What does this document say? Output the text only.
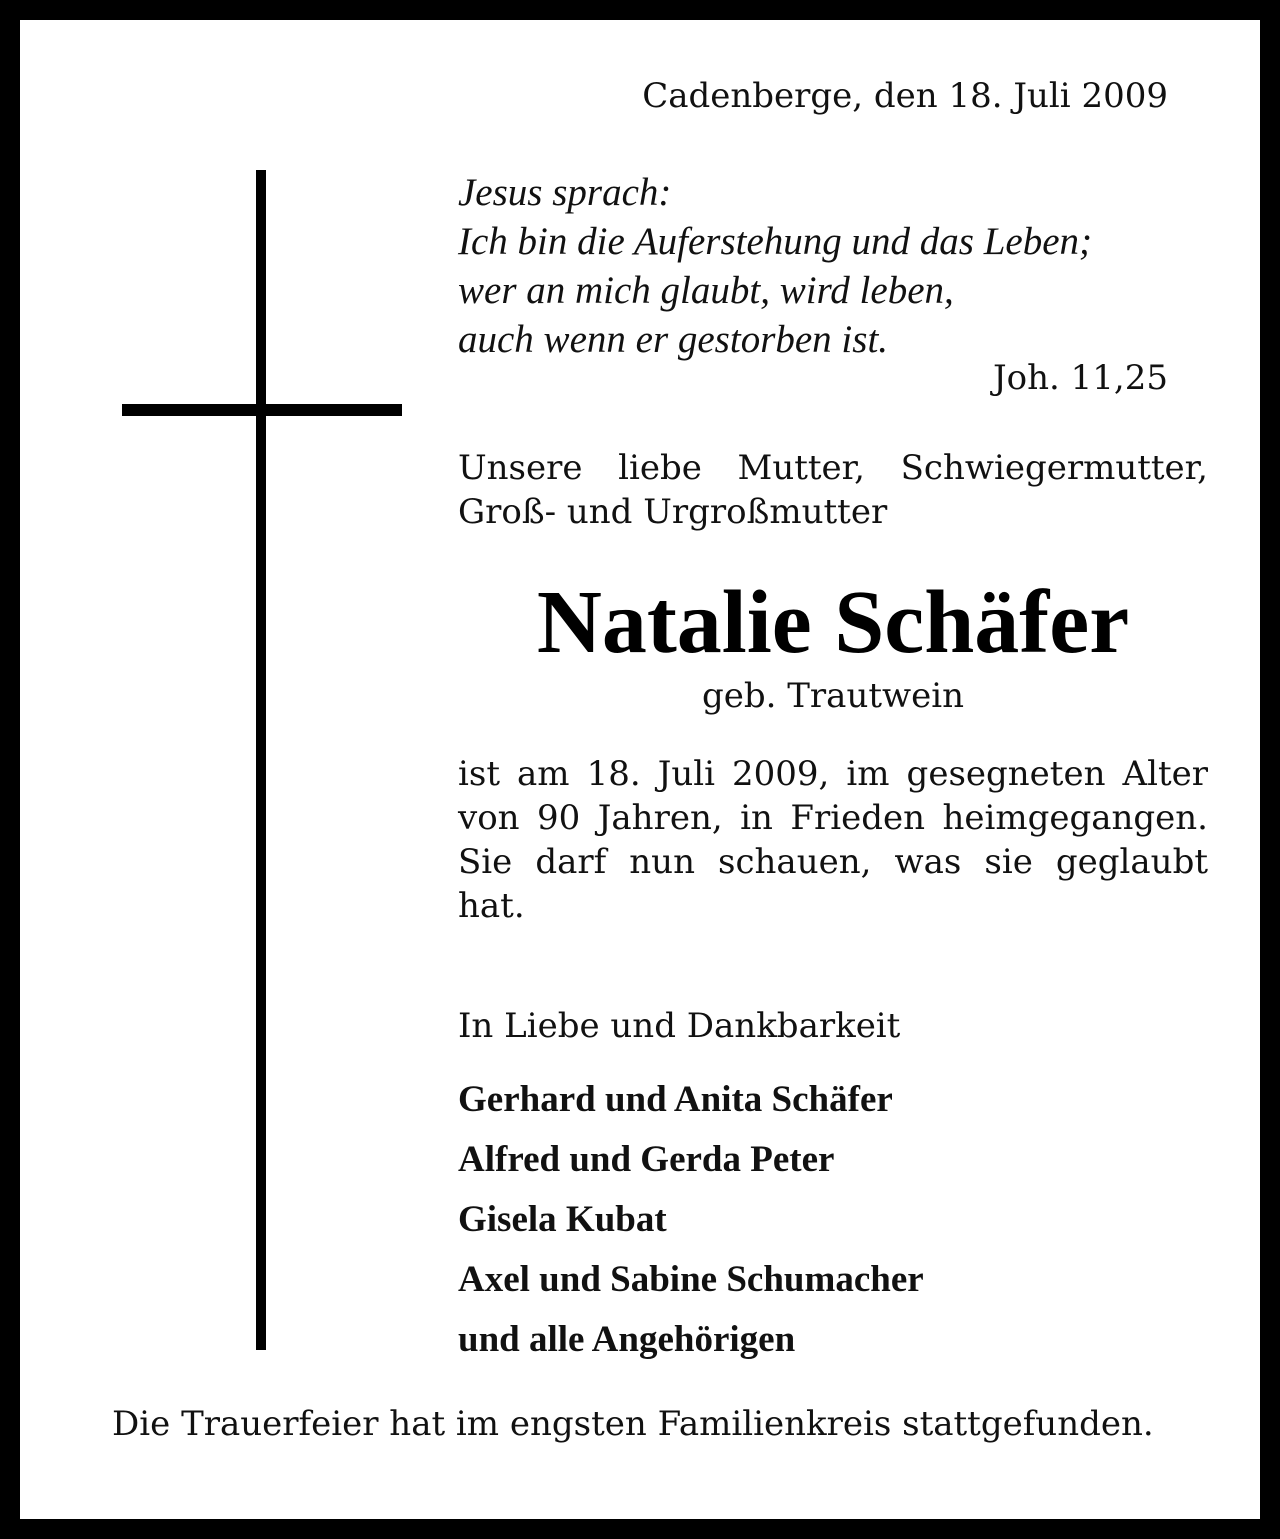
Cadenberge, den 18. Juli 2009
Jesus sprach:
Ich bin die Auferstehung und das Leben;
wer an mich glaubt, wird leben,
auch wenn er gestorben ist.
Joh. 11,25
Unsere liebe Mutter, Schwiegermutter, Groß- und Urgroßmutter
Natalie Schäfer
geb. Trautwein
ist am 18. Juli 2009, im gesegneten Alter von 90 Jahren, in Frieden heimgegangen. Sie darf nun schauen, was sie geglaubt hat.
In Liebe und Dankbarkeit
Gerhard und Anita Schäfer
Alfred und Gerda Peter
Gisela Kubat
Axel und Sabine Schumacher
und alle Angehörigen
Die Trauerfeier hat im engsten Familienkreis stattgefunden.
